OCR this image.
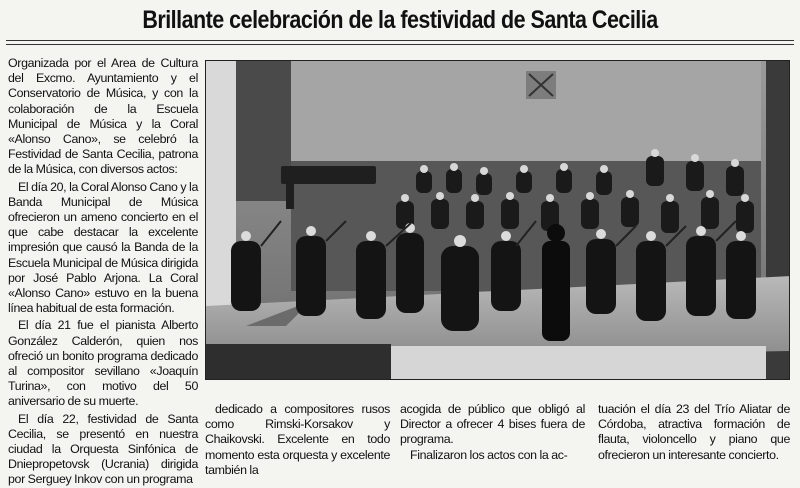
Brillante celebración de la festividad de Santa Cecilia

Organizada por el Area de Cultura del Excmo. Ayuntamiento y el Conservatorio de Música, y con la colaboración de la Escuela Municipal de Música y la Coral «Alonso Cano», se celebró la Festividad de Santa Cecilia, patrona de la Música, con diversos actos:

El día 20, la Coral Alonso Cano y la Banda Municipal de Música ofrecieron un ameno concierto en el que cabe destacar la excelente impresión que causó la Banda de la Escuela Municipal de Música dirigida por José Pablo Arjona. La Coral «Alonso Cano» estuvo en la buena línea habitual de esta formación.

El día 21 fue el pianista Alberto González Calderón, quien nos ofreció un bonito programa dedicado al compositor sevillano «Joaquín Turina», con motivo del 50 aniversario de su muerte.

El día 22, festividad de Santa Cecilia, se presentó en nuestra ciudad la Orquesta Sinfónica de Dniepropetovsk (Ucrania) dirigida por Serguey Inkov con un programa

dedicado a compositores rusos como Rimski-Korsakov y Chaikovski. Excelente en todo momento esta orquesta y excelente también la

acogida de público que obligó al Director a ofrecer 4 bises fuera de programa.

Finalizaron los actos con la ac-

tuación el día 23 del Trío Aliatar de Córdoba, atractiva formación de flauta, violoncello y piano que ofrecieron un interesante concierto.
